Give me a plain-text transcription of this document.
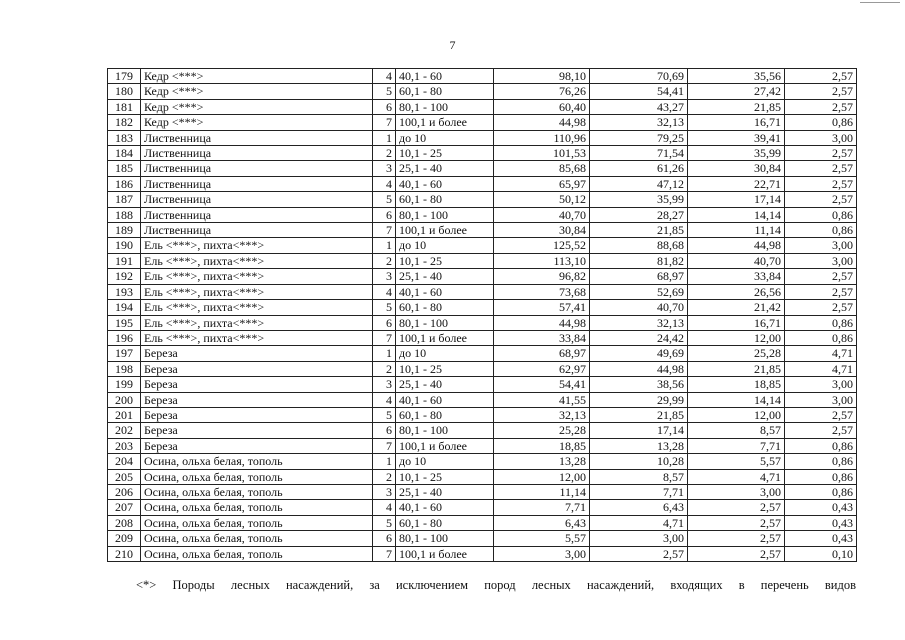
7
179	Кедр <***>	4	40,1 - 60	98,10	70,69	35,56	2,57
180	Кедр <***>	5	60,1 - 80	76,26	54,41	27,42	2,57
181	Кедр <***>	6	80,1 - 100	60,40	43,27	21,85	2,57
182	Кедр <***>	7	100,1 и более	44,98	32,13	16,71	0,86
183	Лиственница	1	до 10	110,96	79,25	39,41	3,00
184	Лиственница	2	10,1 - 25	101,53	71,54	35,99	2,57
185	Лиственница	3	25,1 - 40	85,68	61,26	30,84	2,57
186	Лиственница	4	40,1 - 60	65,97	47,12	22,71	2,57
187	Лиственница	5	60,1 - 80	50,12	35,99	17,14	2,57
188	Лиственница	6	80,1 - 100	40,70	28,27	14,14	0,86
189	Лиственница	7	100,1 и более	30,84	21,85	11,14	0,86
190	Ель <***>, пихта<***>	1	до 10	125,52	88,68	44,98	3,00
191	Ель <***>, пихта<***>	2	10,1 - 25	113,10	81,82	40,70	3,00
192	Ель <***>, пихта<***>	3	25,1 - 40	96,82	68,97	33,84	2,57
193	Ель <***>, пихта<***>	4	40,1 - 60	73,68	52,69	26,56	2,57
194	Ель <***>, пихта<***>	5	60,1 - 80	57,41	40,70	21,42	2,57
195	Ель <***>, пихта<***>	6	80,1 - 100	44,98	32,13	16,71	0,86
196	Ель <***>, пихта<***>	7	100,1 и более	33,84	24,42	12,00	0,86
197	Береза	1	до 10	68,97	49,69	25,28	4,71
198	Береза	2	10,1 - 25	62,97	44,98	21,85	4,71
199	Береза	3	25,1 - 40	54,41	38,56	18,85	3,00
200	Береза	4	40,1 - 60	41,55	29,99	14,14	3,00
201	Береза	5	60,1 - 80	32,13	21,85	12,00	2,57
202	Береза	6	80,1 - 100	25,28	17,14	8,57	2,57
203	Береза	7	100,1 и более	18,85	13,28	7,71	0,86
204	Осина, ольха белая, тополь	1	до 10	13,28	10,28	5,57	0,86
205	Осина, ольха белая, тополь	2	10,1 - 25	12,00	8,57	4,71	0,86
206	Осина, ольха белая, тополь	3	25,1 - 40	11,14	7,71	3,00	0,86
207	Осина, ольха белая, тополь	4	40,1 - 60	7,71	6,43	2,57	0,43
208	Осина, ольха белая, тополь	5	60,1 - 80	6,43	4,71	2,57	0,43
209	Осина, ольха белая, тополь	6	80,1 - 100	5,57	3,00	2,57	0,43
210	Осина, ольха белая, тополь	7	100,1 и более	3,00	2,57	2,57	0,10
<*> Породы лесных насаждений, за исключением пород лесных насаждений, входящих в перечень видов
